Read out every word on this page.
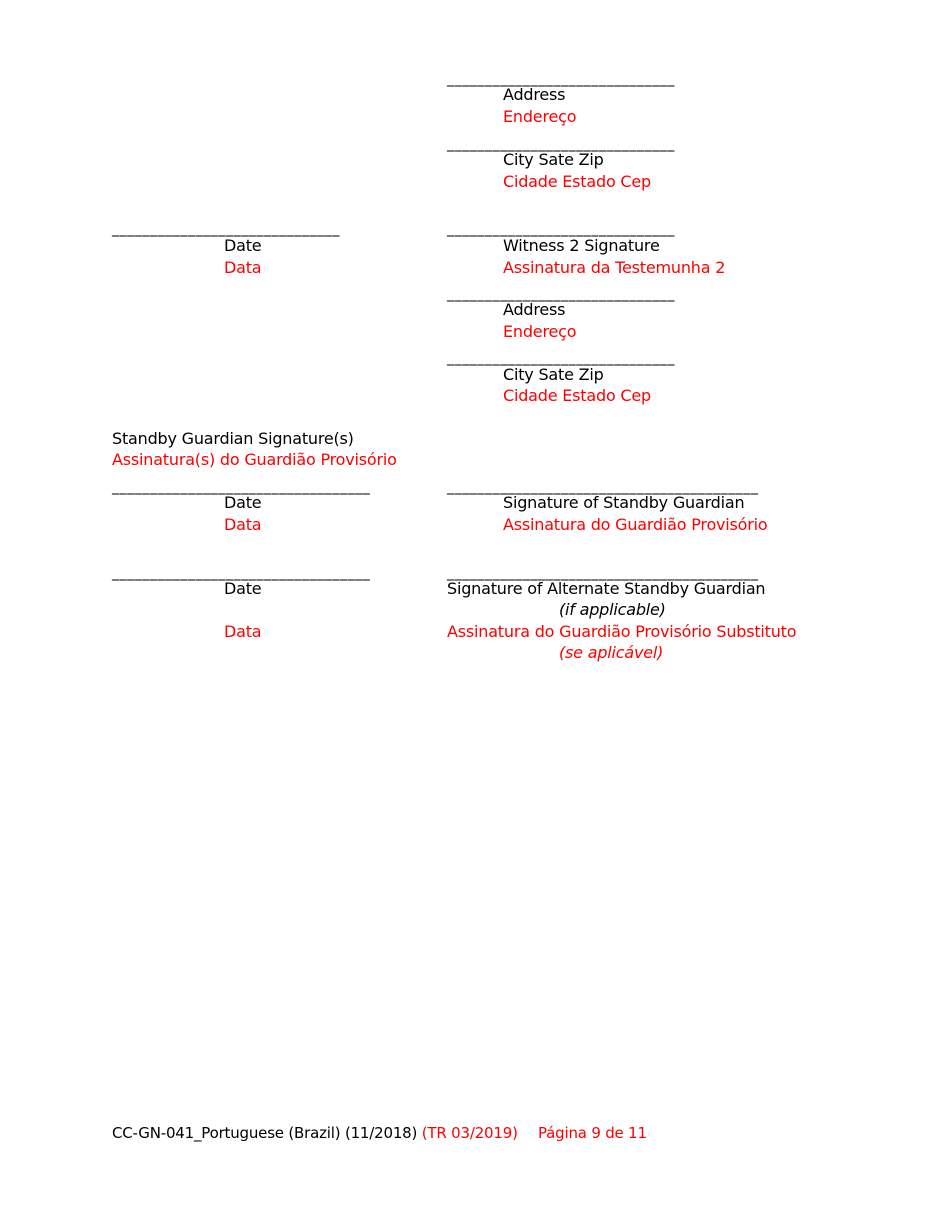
______________________________
Address
Endereço
______________________________
City Sate Zip
Cidade Estado Cep
______________________________
Date
Data
______________________________
Witness 2 Signature
Assinatura da Testemunha 2
______________________________
Address
Endereço
______________________________
City Sate Zip
Cidade Estado Cep
Standby Guardian Signature(s)
Assinatura(s) do Guardião Provisório
__________________________________
Date
Data
_________________________________________
Signature of Standby Guardian
Assinatura do Guardião Provisório
__________________________________
Date
Data
_________________________________________
Signature of Alternate Standby Guardian
(if applicable)
Assinatura do Guardião Provisório Substituto
(se aplicável)
CC-GN-041_Portuguese (Brazil) (11/2018) (TR 03/2019) Página 9 de 11
